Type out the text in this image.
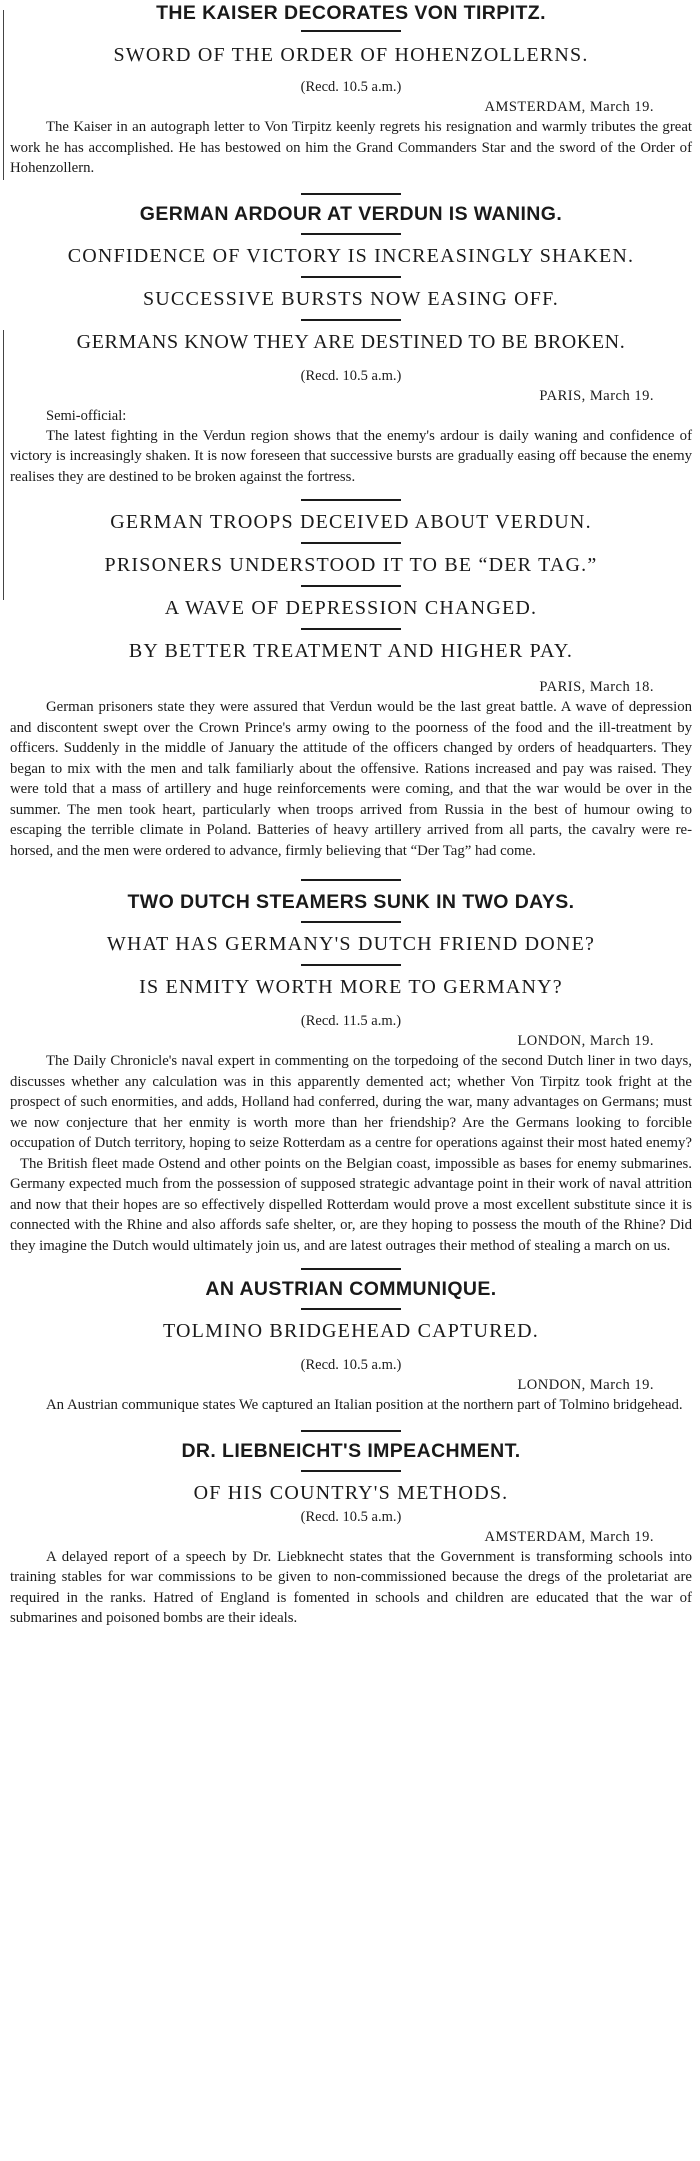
THE KAISER DECORATES VON TIRPITZ.
SWORD OF THE ORDER OF HOHENZOLLERNS.

(Recd. 10.5 a.m.)

AMSTERDAM, March 19.

The Kaiser in an autograph letter to Von Tirpitz keenly regrets his resignation and warmly tributes the great work he has accomplished. He has bestowed on him the Grand Commanders Star and the sword of the Order of Hohenzollern.

GERMAN ARDOUR AT VERDUN IS WANING.
CONFIDENCE OF VICTORY IS INCREASINGLY SHAKEN.
SUCCESSIVE BURSTS NOW EASING OFF.
GERMANS KNOW THEY ARE DESTINED TO BE BROKEN.

(Recd. 10.5 a.m.)

PARIS, March 19.

Semi-official:

The latest fighting in the Verdun region shows that the enemy's ardour is daily waning and confidence of victory is increasingly shaken. It is now foreseen that successive bursts are gradually easing off because the enemy realises they are destined to be broken against the fortress.

GERMAN TROOPS DECEIVED ABOUT VERDUN.
PRISONERS UNDERSTOOD IT TO BE “DER TAG.”
A WAVE OF DEPRESSION CHANGED.
BY BETTER TREATMENT AND HIGHER PAY.

PARIS, March 18.

German prisoners state they were assured that Verdun would be the last great battle. A wave of depression and discontent swept over the Crown Prince's army owing to the poorness of the food and the ill-treatment by officers. Suddenly in the middle of January the attitude of the officers changed by orders of headquarters. They began to mix with the men and talk familiarly about the offensive. Rations increased and pay was raised. They were told that a mass of artillery and huge reinforcements were coming, and that the war would be over in the summer. The men took heart, particularly when troops arrived from Russia in the best of humour owing to escaping the terrible climate in Poland. Batteries of heavy artillery arrived from all parts, the cavalry were re-horsed, and the men were ordered to advance, firmly believing that “Der Tag” had come.

TWO DUTCH STEAMERS SUNK IN TWO DAYS.
WHAT HAS GERMANY'S DUTCH FRIEND DONE?
IS ENMITY WORTH MORE TO GERMANY?

(Recd. 11.5 a.m.)

LONDON, March 19.

The Daily Chronicle's naval expert in commenting on the torpedoing of the second Dutch liner in two days, discusses whether any calculation was in this apparently demented act; whether Von Tirpitz took fright at the prospect of such enormities, and adds, Holland had conferred, during the war, many advantages on Germans; must we now conjecture that her enmity is worth more than her friendship? Are the Germans looking to forcible occupation of Dutch territory, hoping to seize Rotterdam as a centre for operations against their most hated enemy?

The British fleet made Ostend and other points on the Belgian coast, impossible as bases for enemy submarines. Germany expected much from the possession of supposed strategic advantage point in their work of naval attrition and now that their hopes are so effectively dispelled Rotterdam would prove a most excellent substitute since it is connected with the Rhine and also affords safe shelter, or, are they hoping to possess the mouth of the Rhine? Did they imagine the Dutch would ultimately join us, and are latest outrages their method of stealing a march on us.

AN AUSTRIAN COMMUNIQUE.
TOLMINO BRIDGEHEAD CAPTURED.

(Recd. 10.5 a.m.)

LONDON, March 19.

An Austrian communique states We captured an Italian position at the northern part of Tolmino bridgehead.

DR. LIEBNEICHT'S IMPEACHMENT.
OF HIS COUNTRY'S METHODS.

(Recd. 10.5 a.m.)

AMSTERDAM, March 19.

A delayed report of a speech by Dr. Liebknecht states that the Government is transforming schools into training stables for war commissions to be given to non-commissioned because the dregs of the proletariat are required in the ranks. Hatred of England is fomented in schools and children are educated that the war of submarines and poisoned bombs are their ideals.
